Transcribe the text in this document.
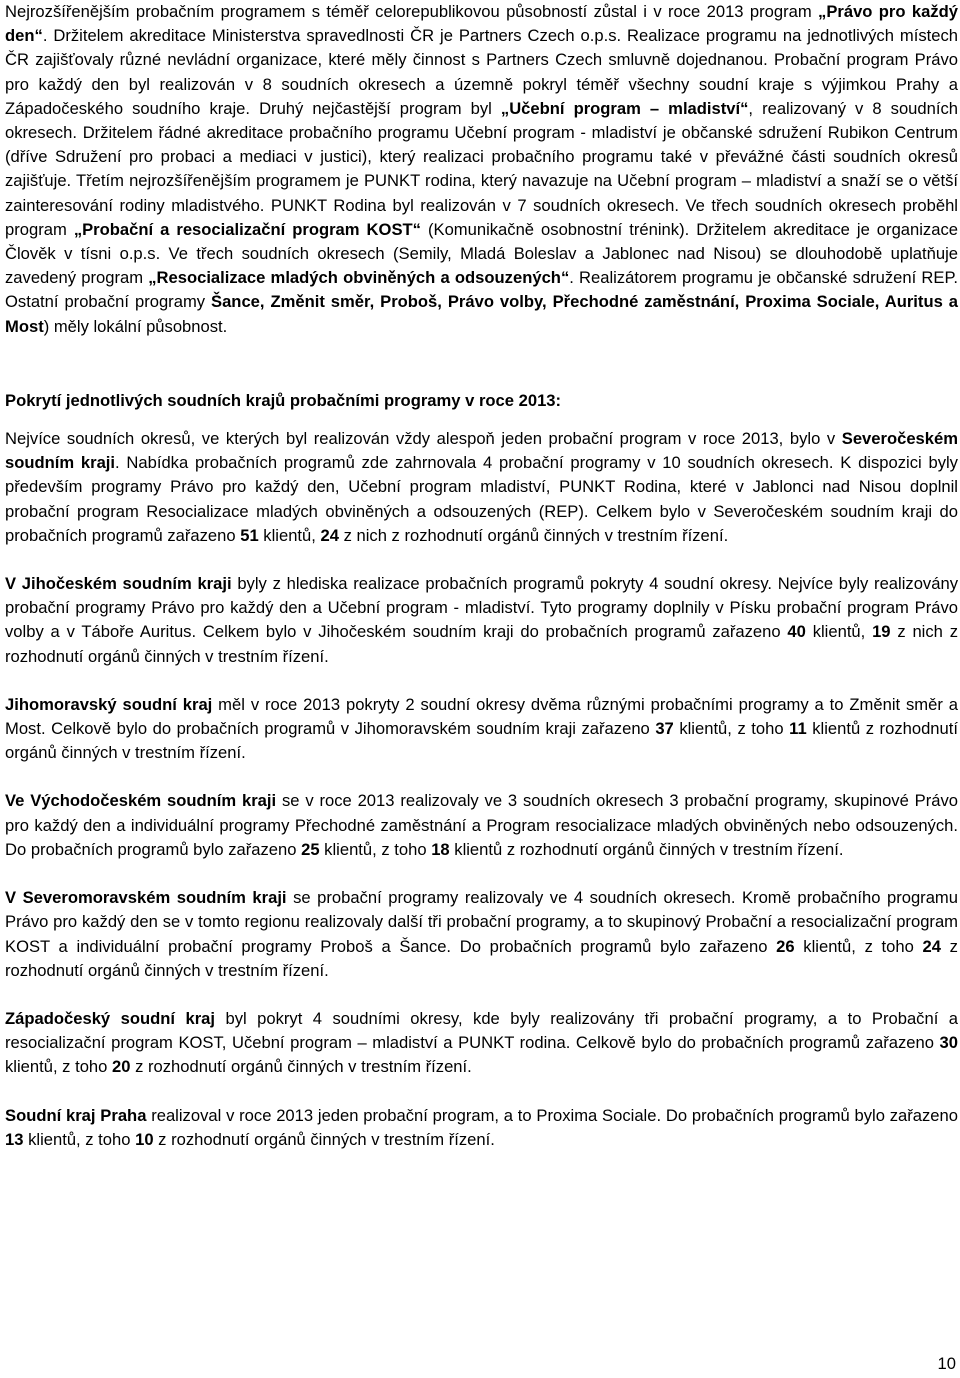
Nejrozšířenějším probačním programem s téměř celorepublikovou působností zůstal i v roce 2013 program „Právo pro každý den“. Držitelem akreditace Ministerstva spravedlnosti ČR je Partners Czech o.p.s. Realizace programu na jednotlivých místech ČR zajišťovaly různé nevládní organizace, které měly činnost s Partners Czech smluvně dojednanou. Probační program Právo pro každý den byl realizován v 8 soudních okresech a územně pokryl téměř všechny soudní kraje s výjimkou Prahy a Západočeského soudního kraje. Druhý nejčastější program byl „Učební program – mladiství“, realizovaný v 8 soudních okresech. Držitelem řádné akreditace probačního programu Učební program - mladiství je občanské sdružení Rubikon Centrum (dříve Sdružení pro probaci a mediaci v justici), který realizaci probačního programu také v převážné části soudních okresů zajišťuje. Třetím nejrozšířenějším programem je PUNKT rodina, který navazuje na Učební program – mladiství a snaží se o větší zainteresování rodiny mladistvého. PUNKT Rodina byl realizován v 7 soudních okresech. Ve třech soudních okresech proběhl program „Probační a resocializační program KOST“ (Komunikačně osobnostní trénink). Držitelem akreditace je organizace Člověk v tísni o.p.s. Ve třech soudních okresech (Semily, Mladá Boleslav a Jablonec nad Nisou) se dlouhodobě uplatňuje zavedený program „Resocializace mladých obviněných a odsouzených“. Realizátorem programu je občanské sdružení REP. Ostatní probační programy Šance, Změnit směr, Proboš, Právo volby, Přechodné zaměstnání, Proxima Sociale, Auritus a Most) měly lokální působnost.

Pokrytí jednotlivých soudních krajů probačními programy v roce 2013:

Nejvíce soudních okresů, ve kterých byl realizován vždy alespoň jeden probační program v roce 2013, bylo v Severočeském soudním kraji. Nabídka probačních programů zde zahrnovala 4 probační programy v 10 soudních okresech. K dispozici byly především programy Právo pro každý den, Učební program mladiství, PUNKT Rodina, které v Jablonci nad Nisou doplnil probační program Resocializace mladých obviněných a odsouzených (REP). Celkem bylo v Severočeském soudním kraji do probačních programů zařazeno 51 klientů, 24 z nich z rozhodnutí orgánů činných v trestním řízení.

V Jihočeském soudním kraji byly z hlediska realizace probačních programů pokryty 4 soudní okresy. Nejvíce byly realizovány probační programy Právo pro každý den a Učební program - mladiství. Tyto programy doplnily v Písku probační program Právo volby a v Táboře Auritus. Celkem bylo v Jihočeském soudním kraji do probačních programů zařazeno 40 klientů, 19 z nich z rozhodnutí orgánů činných v trestním řízení.

Jihomoravský soudní kraj měl v roce 2013 pokryty 2 soudní okresy dvěma různými probačními programy a to Změnit směr a Most. Celkově bylo do probačních programů v Jihomoravském soudním kraji zařazeno 37 klientů, z toho 11 klientů z rozhodnutí orgánů činných v trestním řízení.

Ve Východočeském soudním kraji se v roce 2013 realizovaly ve 3 soudních okresech 3 probační programy, skupinové Právo pro každý den a individuální programy Přechodné zaměstnání a Program resocializace mladých obviněných nebo odsouzených. Do probačních programů bylo zařazeno 25 klientů, z toho 18 klientů z rozhodnutí orgánů činných v trestním řízení.

V Severomoravském soudním kraji se probační programy realizovaly ve 4 soudních okresech. Kromě probačního programu Právo pro každý den se v tomto regionu realizovaly další tři probační programy, a to skupinový Probační a resocializační program KOST a individuální probační programy Proboš a Šance. Do probačních programů bylo zařazeno 26 klientů, z toho 24 z rozhodnutí orgánů činných v trestním řízení.

Západočeský soudní kraj byl pokryt 4 soudními okresy, kde byly realizovány tři probační programy, a to Probační a resocializační program KOST, Učební program – mladiství a PUNKT rodina. Celkově bylo do probačních programů zařazeno 30 klientů, z toho 20 z rozhodnutí orgánů činných v trestním řízení.

Soudní kraj Praha realizoval v roce 2013 jeden probační program, a to Proxima Sociale. Do probačních programů bylo zařazeno 13 klientů, z toho 10 z rozhodnutí orgánů činných v trestním řízení.

10
